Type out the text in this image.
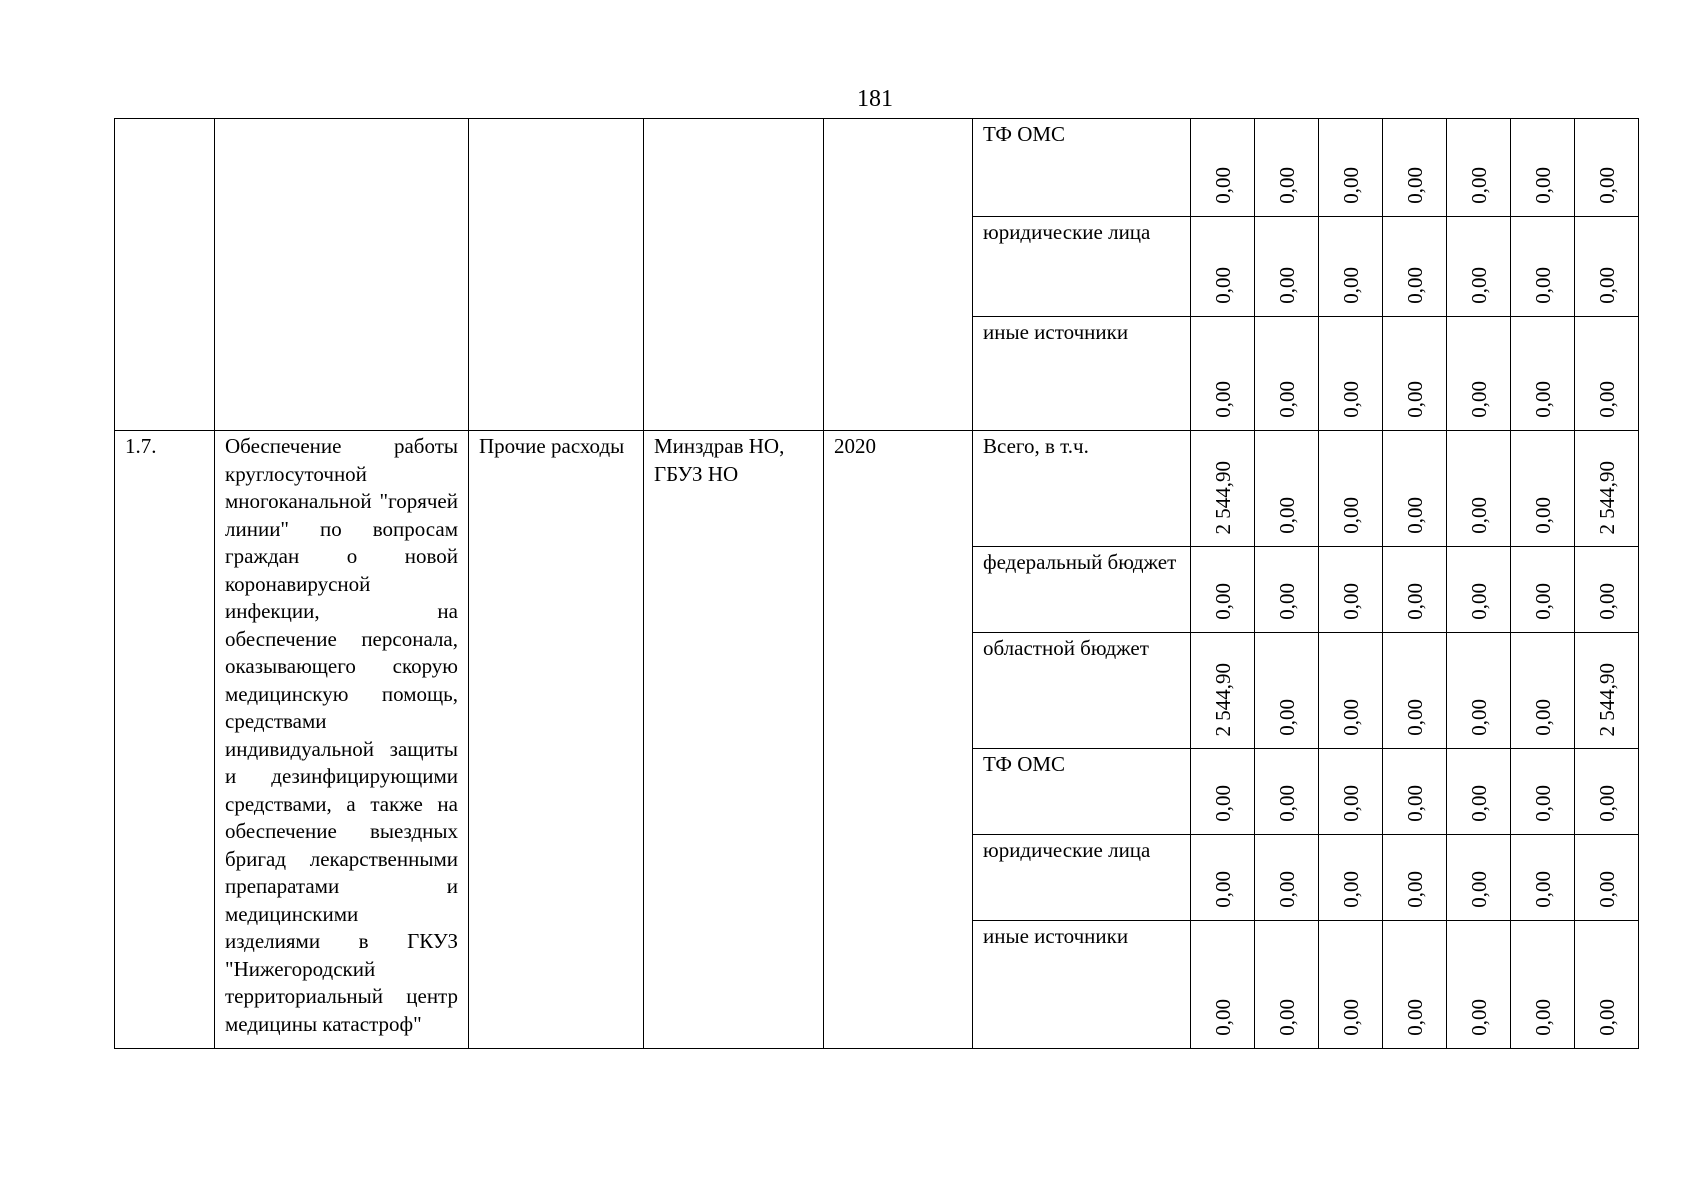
181

					ТФ ОМС	0,00	0,00	0,00	0,00	0,00	0,00	0,00

					юридические лица	0,00	0,00	0,00	0,00	0,00	0,00	0,00

					иные источники	0,00	0,00	0,00	0,00	0,00	0,00	0,00

1.7.	Обеспечение работы круглосуточной многоканальной "горячей линии" по вопросам граждан о новой коронавирусной инфекции, на обеспечение персонала, оказывающего скорую медицинскую помощь, средствами индивидуальной защиты и дезинфицирующими средствами, а также на обеспечение выездных бригад лекарственными препаратами и медицинскими изделиями в ГКУЗ "Нижегородский территориальный центр медицины катастроф"	Прочие расходы	Минздрав НО, ГБУЗ НО	2020	Всего, в т.ч.	2 544,90	0,00	0,00	0,00	0,00	0,00	2 544,90

					федеральный бюджет	0,00	0,00	0,00	0,00	0,00	0,00	0,00

					областной бюджет	2 544,90	0,00	0,00	0,00	0,00	0,00	2 544,90

					ТФ ОМС	0,00	0,00	0,00	0,00	0,00	0,00	0,00

					юридические лица	0,00	0,00	0,00	0,00	0,00	0,00	0,00

					иные источники	0,00	0,00	0,00	0,00	0,00	0,00	0,00
